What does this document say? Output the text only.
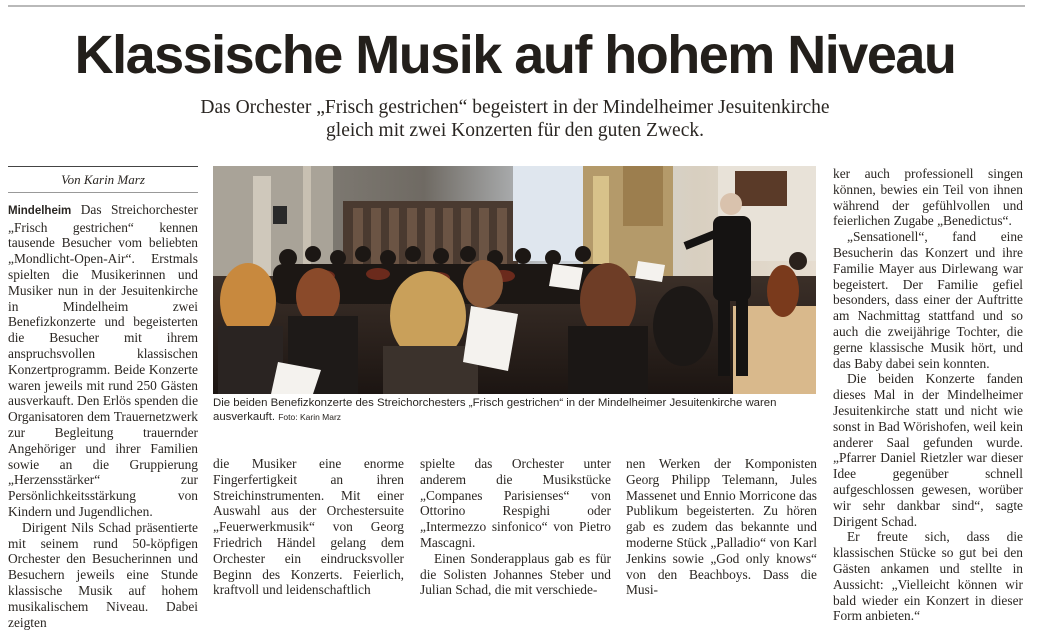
Klassische Musik auf hohem Niveau
Das Orchester „Frisch gestrichen“ begeistert in der Mindelheimer Jesuitenkirche
gleich mit zwei Konzerten für den guten Zweck.
Von Karin Marz

Mindelheim Das Streichorchester „Frisch gestrichen“ kennen tausende Besucher vom beliebten „Mondlicht-Open-Air“. Erstmals spielten die Musikerinnen und Musiker nun in der Jesuitenkirche in Mindelheim zwei Benefizkonzerte und begeisterten die Besucher mit ihrem anspruchsvollen klassischen Konzertprogramm. Beide Konzerte waren jeweils mit rund 250 Gästen ausverkauft. Den Erlös spenden die Organisatoren dem Trauernetzwerk zur Begleitung trauernder Angehöriger und ihrer Familien sowie an die Gruppierung „Herzensstärker“ zur Persönlichkeitsstärkung von Kindern und Jugendlichen.

Dirigent Nils Schad präsentierte mit seinem rund 50-köpfigen Orchester den Besucherinnen und Besuchern jeweils eine Stunde klassische Musik auf hohem musikalischem Niveau. Dabei zeigten

Die beiden Benefizkonzerte des Streichorchesters „Frisch gestrichen“ in der Mindelheimer Jesuitenkirche waren ausverkauft. Foto: Karin Marz

die Musiker eine enorme Fingerfertigkeit an ihren Streichinstrumenten. Mit einer Auswahl aus der Orchestersuite „Feuerwerkmusik“ von Georg Friedrich Händel gelang dem Orchester ein eindrucksvoller Beginn des Konzerts. Feierlich, kraftvoll und leidenschaftlich

spielte das Orchester unter anderem die Musikstücke „Companes Parisienses“ von Ottorino Respighi oder „Intermezzo sinfonico“ von Pietro Mascagni.

Einen Sonderapplaus gab es für die Solisten Johannes Steber und Julian Schad, die mit verschiede-

nen Werken der Komponisten Georg Philipp Telemann, Jules Massenet und Ennio Morricone das Publikum begeisterten. Zu hören gab es zudem das bekannte und moderne Stück „Palladio“ von Karl Jenkins sowie „God only knows“ von den Beachboys. Dass die Musi-

ker auch professionell singen können, bewies ein Teil von ihnen während der gefühlvollen und feierlichen Zugabe „Benedictus“.

„Sensationell“, fand eine Besucherin das Konzert und ihre Familie Mayer aus Dirlewang war begeistert. Der Familie gefiel besonders, dass einer der Auftritte am Nachmittag stattfand und so auch die zweijährige Tochter, die gerne klassische Musik hört, und das Baby dabei sein konnten.

Die beiden Konzerte fanden dieses Mal in der Mindelheimer Jesuitenkirche statt und nicht wie sonst in Bad Wörishofen, weil kein anderer Saal gefunden wurde. „Pfarrer Daniel Rietzler war dieser Idee gegenüber schnell aufgeschlossen gewesen, worüber wir sehr dankbar sind“, sagte Dirigent Schad.

Er freute sich, dass die klassischen Stücke so gut bei den Gästen ankamen und stellte in Aussicht: „Vielleicht können wir bald wieder ein Konzert in dieser Form anbieten.“
